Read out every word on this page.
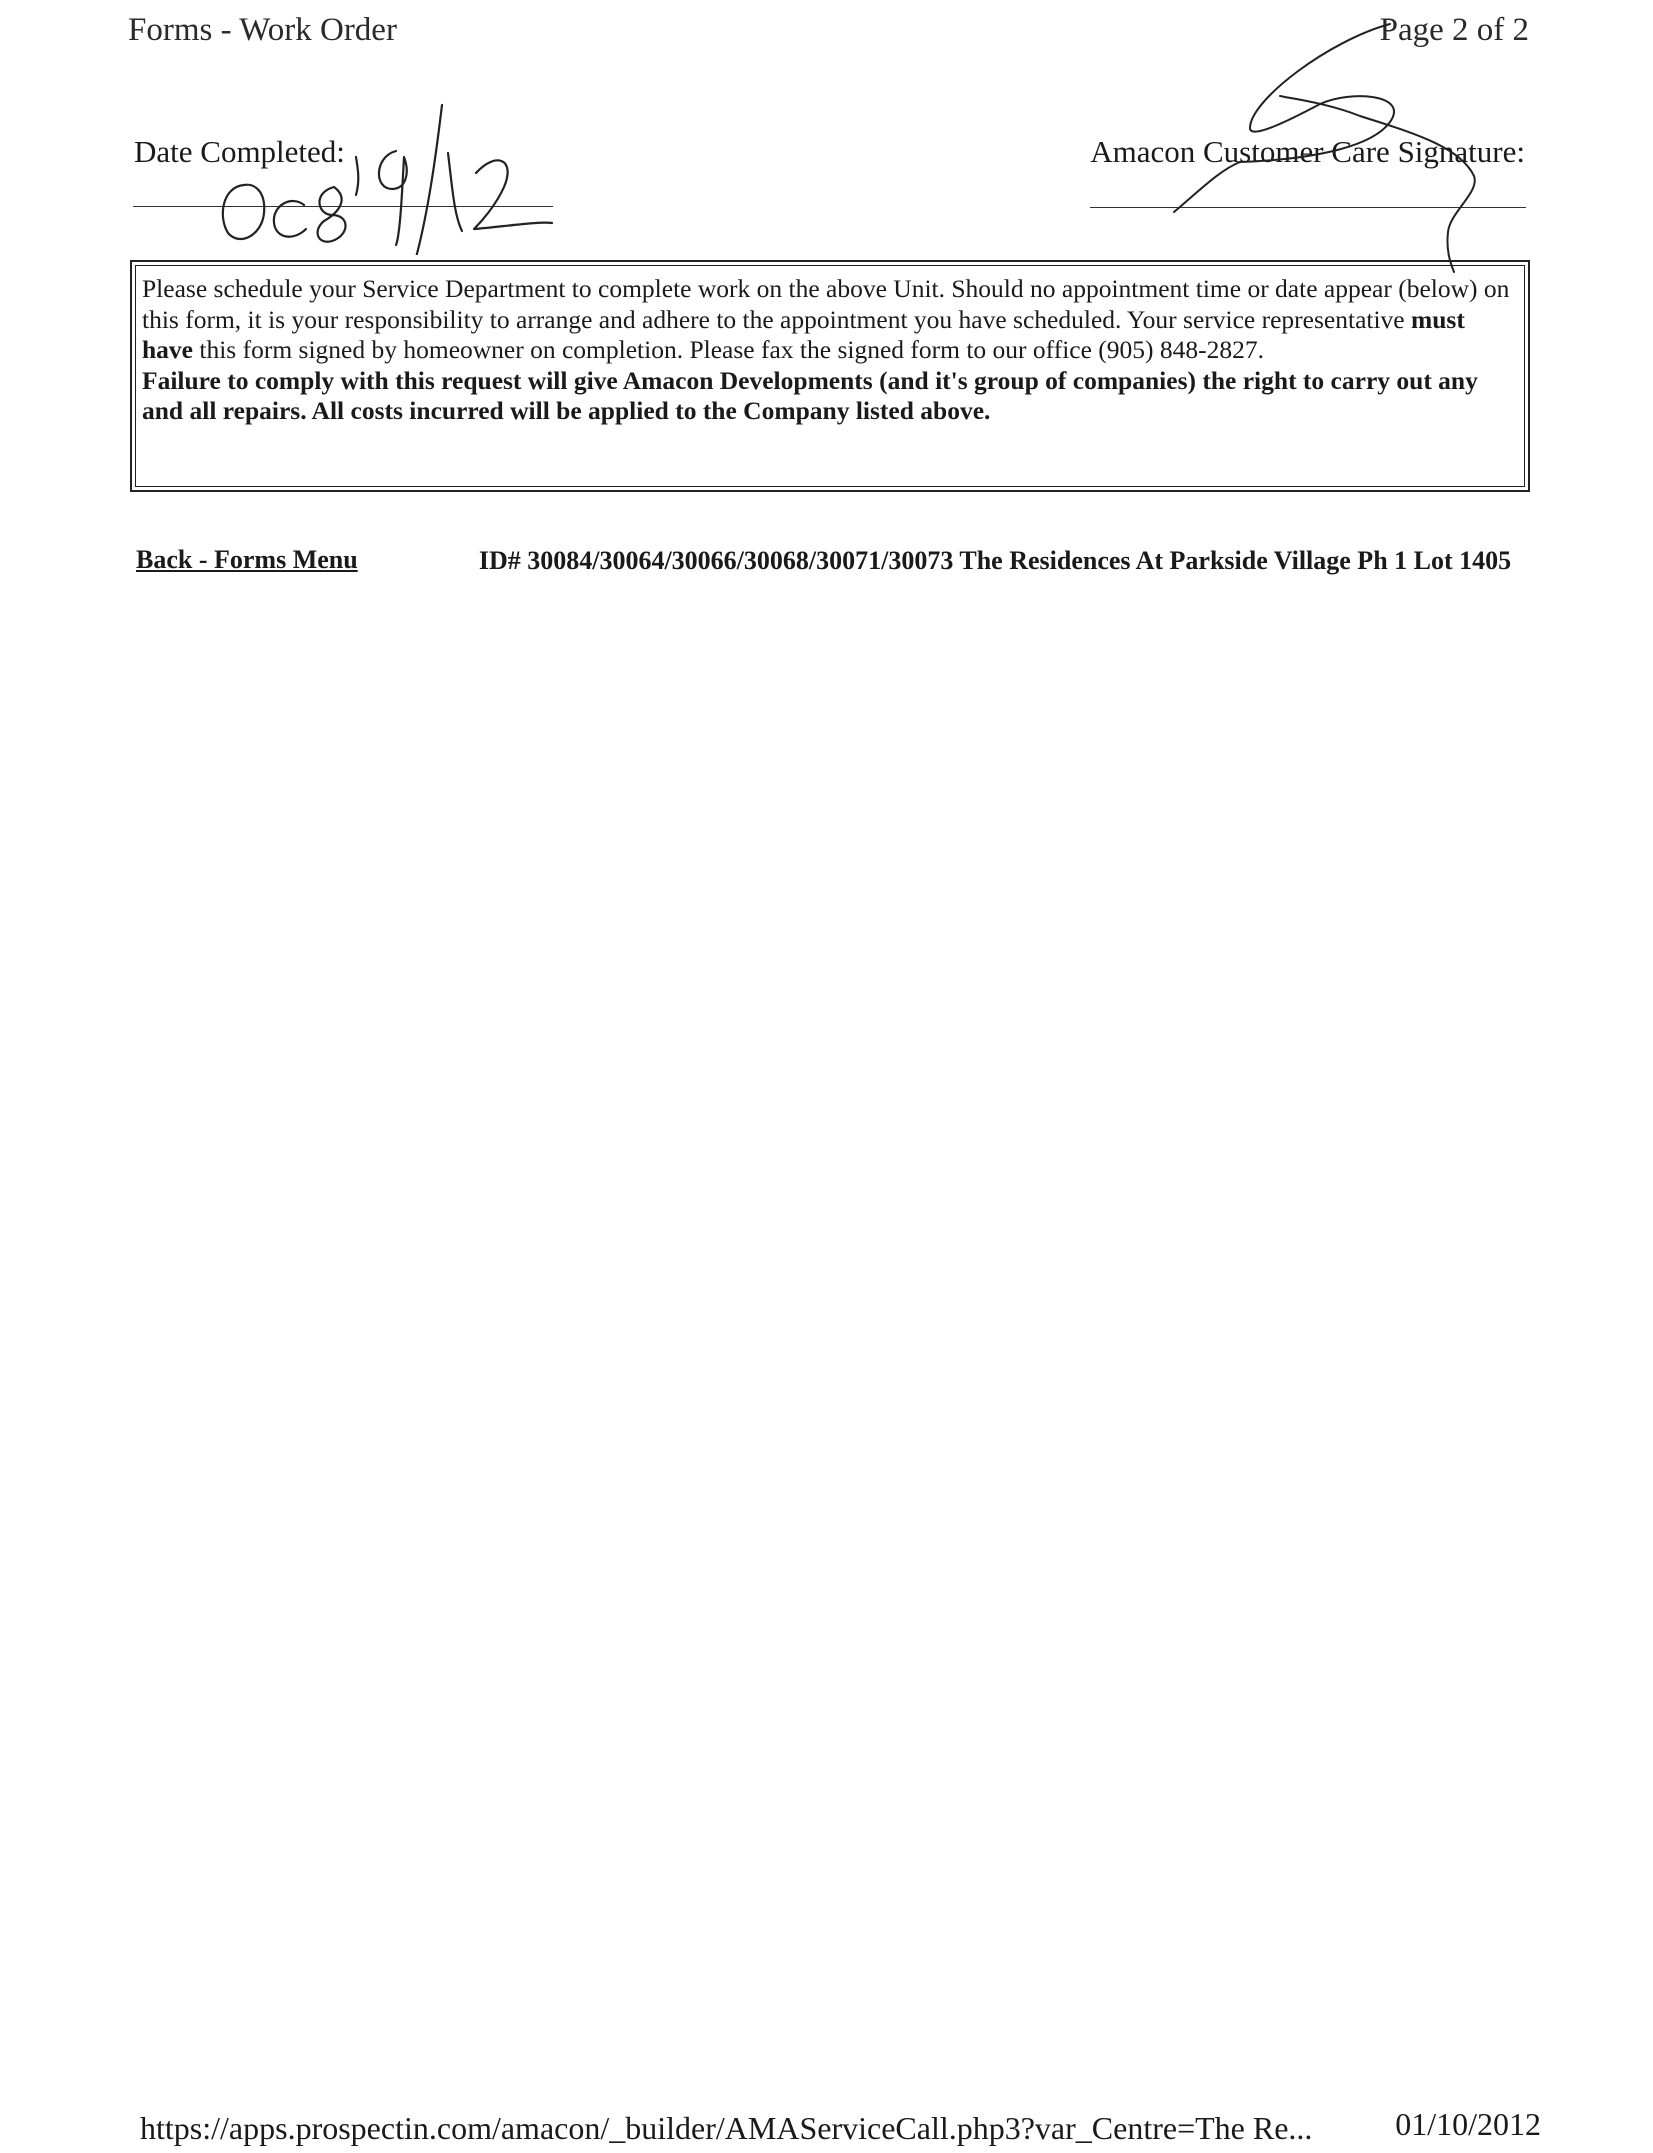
Forms - Work Order	Page 2 of 2
Date Completed:	Amacon Customer Care Signature:

Please schedule your Service Department to complete work on the above Unit. Should no appointment time or date appear (below) on this form, it is your responsibility to arrange and adhere to the appointment you have scheduled. Your service representative must have this form signed by homeowner on completion. Please fax the signed form to our office (905) 848-2827.

Failure to comply with this request will give Amacon Developments (and it's group of companies) the right to carry out any and all repairs. All costs incurred will be applied to the Company listed above.

Back - Forms Menu	ID# 30084/30064/30066/30068/30071/30073 The Residences At Parkside Village Ph 1 Lot 1405
https://apps.prospectin.com/amacon/_builder/AMAServiceCall.php3?var_Centre=The Re...	01/10/2012
